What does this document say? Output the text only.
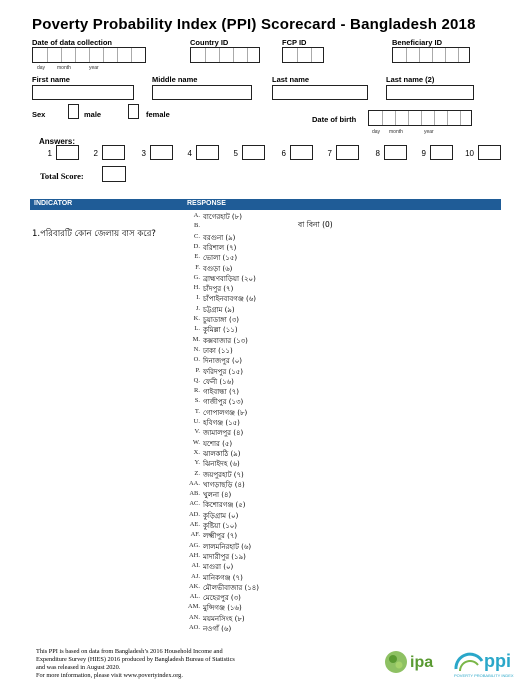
Poverty Probability Index (PPI) Scorecard - Bangladesh 2018
Date of data collection	Country ID	FCP ID	Beneficiary ID
day month	year
First name	Middle name	Last name	Last name (2)
Sex	male	female
Date of birth
day month	year
Answers:
1	2	3	4	5	6	7	8	9	10
Total Score:
INDICATOR	RESPONSE
1.পরিবারটি কোন জেলায় বাস করে?
বা বিনা (0)
A. বাগেরহাট (৮)
B.
C. বরগুনা (৯)
D. বরিশাল (৭)
E. ভোলা (১৫)
F. বগুড়া (৬)
G. ব্রাহ্মণবাড়িয়া (২০)
H. চাঁদপুর (৭)
I. চাঁপাইনবাবগঞ্জ (৬)
J. চট্টগ্রাম (৯)
K. চুয়াডাঙ্গা (৩)
L. কুমিল্লা (১১)
M. কক্সবাজার (১৩)
N. ঢাকা (১১)
O. দিনাজপুর (০)
P. ফরিদপুর (১৫)
Q. ফেনী (১৬)
R. গাইবান্ধা (৭)
S. গাজীপুর (১৩)
T. গোপালগঞ্জ (৮)
U. হবিগঞ্জ (১৫)
V. জামালপুর (৪)
W. যশোর (৫)
X. ঝালকাঠি (৯)
Y. ঝিনাইদহ (৬)
Z. জয়পুরহাট (৭)
AA. খাগড়াছড়ি (৪)
AB. খুলনা (৪)
AC. কিশোরগঞ্জ (৫)
AD. কুড়িগ্রাম (০)
AE. কুষ্টিয়া (১০)
AF. লক্ষ্মীপুর (৭)
AG. লালমনিরহাট (৬)
AH. মাদারীপুর (১৯)
AI. মাগুরা (০)
AJ. মানিকগঞ্জ (৭)
AK. মৌলভীবাজার (১৪)
AL. মেহেরপুর (৩)
AM. মুন্সিগঞ্জ (১৬)
AN. ময়মনসিংহ (৮)
AO. নওগাঁ (৬)
This PPI is based on data from Bangladesh’s 2016 Household Income and
Expenditure Survey (HIES) 2016 produced by Bangladesh Bureau of Statistics
and was released in August 2020.
For more information, please visit www.povertyindex.org.
ipa	ppi
POVERTY PROBABILITY INDEX
